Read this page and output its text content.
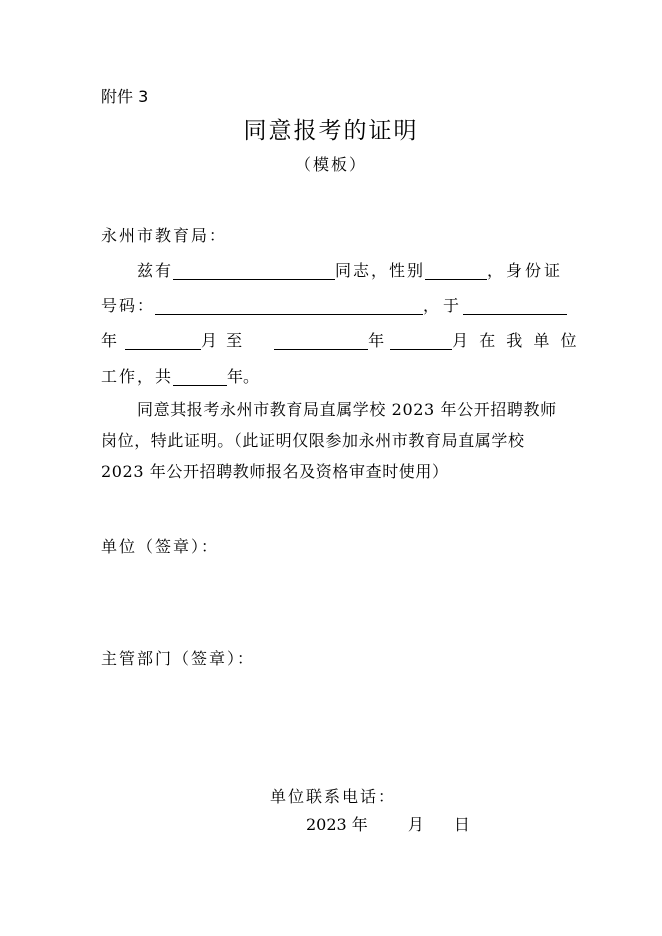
附件 3
同意报考的证明
（模板）
永州市教育局：
兹有	同志，性别	，身份证
号码：	，于
年	月 至	年	月 在 我 单 位
工作，共	年。
同意其报考永州市教育局直属学校 2023 年公开招聘教师岗位，特此证明。（此证明仅限参加永州市教育局直属学校 2023 年公开招聘教师报名及资格审查时使用）
单位（签章）：
主管部门（签章）：
单位联系电话：
2023 年	月 日
